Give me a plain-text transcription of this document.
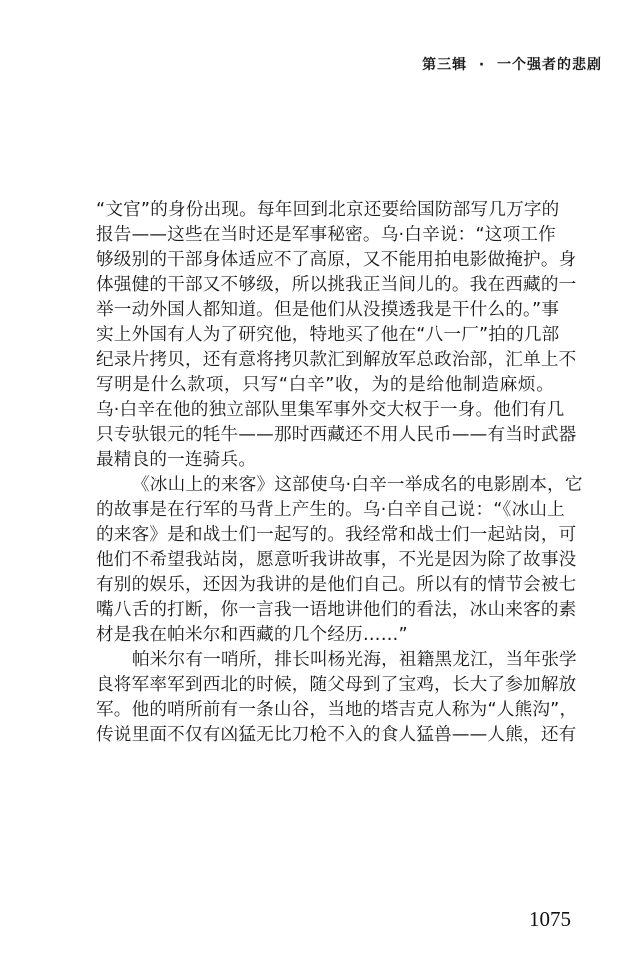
第三辑  ·  一个强者的悲剧
“文官”的身份出现。每年回到北京还要给国防部写几万字的
报告——这些在当时还是军事秘密。乌·白辛说：“这项工作
够级别的干部身体适应不了高原，又不能用拍电影做掩护。身
体强健的干部又不够级，所以挑我正当间儿的。我在西藏的一
举一动外国人都知道。但是他们从没摸透我是干什么的。”事
实上外国有人为了研究他，特地买了他在“八一厂”拍的几部
纪录片拷贝，还有意将拷贝款汇到解放军总政治部，汇单上不
写明是什么款项，只写“白辛”收，为的是给他制造麻烦。
乌·白辛在他的独立部队里集军事外交大权于一身。他们有几
只专驮银元的牦牛——那时西藏还不用人民币——有当时武器
最精良的一连骑兵。
《冰山上的来客》这部使乌·白辛一举成名的电影剧本，它
的故事是在行军的马背上产生的。乌·白辛自己说：“《冰山上
的来客》是和战士们一起写的。我经常和战士们一起站岗，可
他们不希望我站岗，愿意听我讲故事，不光是因为除了故事没
有别的娱乐，还因为我讲的是他们自己。所以有的情节会被七
嘴八舌的打断，你一言我一语地讲他们的看法，冰山来客的素
材是我在帕米尔和西藏的几个经历……”
帕米尔有一哨所，排长叫杨光海，祖籍黑龙江，当年张学
良将军率军到西北的时候，随父母到了宝鸡，长大了参加解放
军。他的哨所前有一条山谷，当地的塔吉克人称为“人熊沟”，
传说里面不仅有凶猛无比刀枪不入的食人猛兽——人熊，还有
1075
